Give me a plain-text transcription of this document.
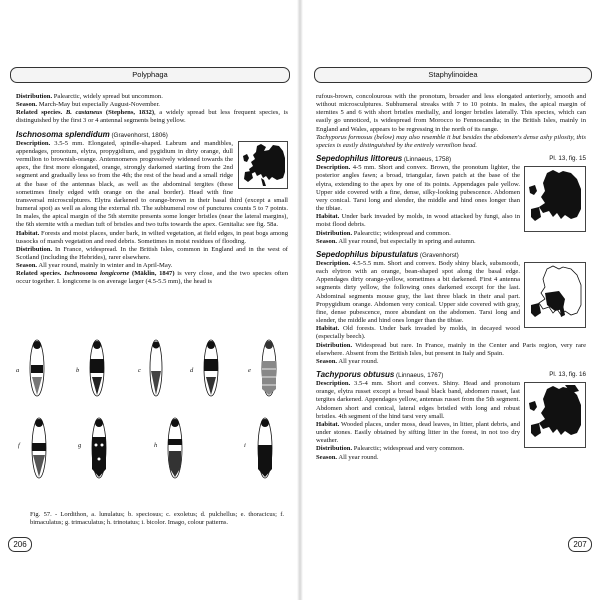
Polyphaga

Distribution. Palearctic, widely spread but uncommon.
Season. March-May but especially August-November.
Related species. B. castaneus (Stephens, 1832), a widely spread but less frequent species, is distinguished by the first 3 or 4 antennal segments being yellow.

Ischnosoma splendidum (Gravenhorst, 1806)

Description. 3.5-5 mm. Elongated, spindle-shaped. Labrum and mandibles, appendages, pronotum, elytra, propygidium, and pygidium in dirty orange, dull vermilion to brownish-orange. Antennomeres progressively widened towards the apex, the first more elongated, orange, strongly darkened starting from the 2nd segment and gradually less so from the 4th; the rest of the head and a small ridge at the base of the antennas black, as well as the abdominal tergites (these sometimes finely edged with orange on the anal border). Head with fine transversal microsculptures. Elytra darkened to orange-brown in their basal third (except a small humeral spot) as well as along the external rib. The subhumeral row of punctures counts 5 to 7 points. In males, the apical margin of the 5th sternite presents some longer bristles (near the lateral margins), the 6th sternite with a median tuft of bristles and two tufts towards the apex. Genitalia: see fig. 58a.
Habitat. Forests and moist places, under bark, in wilted vegetation, at field edges, in peat bogs among tussocks of marsh vegetation and reed debris. Sometimes in moist residues of flooding.
Distribution. In France, widespread. In the British Isles, common in England and in the west of Scotland (including the Hebrides), rarer elsewhere.
Season. All year round, mainly in winter and in April-May.
Related species. Ischnosoma longicorne (Mäklin, 1847) is very close, and the two species often occur together. I. longicorne is on average larger (4.5-5.5 mm), the head is

a	b	c	d	e
f	g	h	i
Fig. 57. - Lordithon, a. lunulatus; b. speciosus; c. exoletus; d. pulchellus; e. thoracicus; f. bimaculatus; g. trimaculatus; h. trinotatus; i. bicolor. Imago, colour patterns.
206
Staphylinoidea

rufous-brown, concolourous with the pronotum, broader and less elongated anteriorly, smooth and without microsculptures. Subhumeral streaks with 7 to 10 points. In males, the apical margin of sternites 5 and 6 with short bristles medially, and longer bristles laterally. This species, which can easily go unnoticed, is widespread from Morocco to Fennoscandia; in the British Isles, mainly in England and Wales, appears to be regressing in the north of its range.

Tachyporus formosus (below) may also resemble it but besides the abdomen's dense ashy pilosity, this species is easily distinguished by the entirely vermilion head.

Sepedophilus littoreus (Linnaeus, 1758)	Pl. 13, fig. 15

Description. 4-5 mm. Short and convex. Brown, the pronotum lighter, the posterior angles fawn; a broad, triangular, fawn patch at the base of the elytra, extending to the apex by one of its points. Appendages pale yellow. Upper side covered with a fine, dense, silky-looking pubescence. Abdomen very conical. Tarsi long and slender, the middle and hind ones longer than the tibiae.
Habitat. Under bark invaded by molds, in wood attacked by fungi, also in moist flood debris.
Distribution. Palearctic; widespread and common.
Season. All year round, but especially in spring and autumn.

Sepedophilus bipustulatus (Gravenhorst)

Description. 4.5-5.5 mm. Short and convex. Body shiny black, subsmooth, each elytron with an orange, bean-shaped spot along the basal edge. Appendages dirty orange-yellow, sometimes a bit darkened. First 4 antenna segments dirty yellow, the following ones darkened except for the last. Abdominal segments mouse gray, the last three black in their anal part. Propygidium orange. Abdomen very conical. Upper side covered with gray, fine, dense pubescence, more abundant on the abdomen. Tarsi long and slender, the middle and hind ones longer than the tibiae.
Habitat. Old forests. Under bark invaded by molds, in decayed wood (especially beech).
Distribution. Widespread but rare. In France, mainly in the Center and Paris region, very rare elsewhere. Absent from the British Isles, but present in Italy and Spain.
Season. All year round.

Tachyporus obtusus (Linnaeus, 1767)	Pl. 13, fig. 16

Description. 3.5-4 mm. Short and convex. Shiny. Head and pronotum orange, elytra russet except a broad basal black band, abdomen russet, last tergites darkened. Appendages yellow, antennas russet from the 5th segment. Abdomen short and conical, lateral edges bristled with long and robust bristles. 4th segment of the hind tarsi very small.
Habitat. Wooded places, under moss, dead leaves, in litter, plant debris, and under stones. Easily obtained by sifting litter in the forest, in not too dry weather.
Distribution. Palearctic; widespread and very common.
Season. All year round.

207
